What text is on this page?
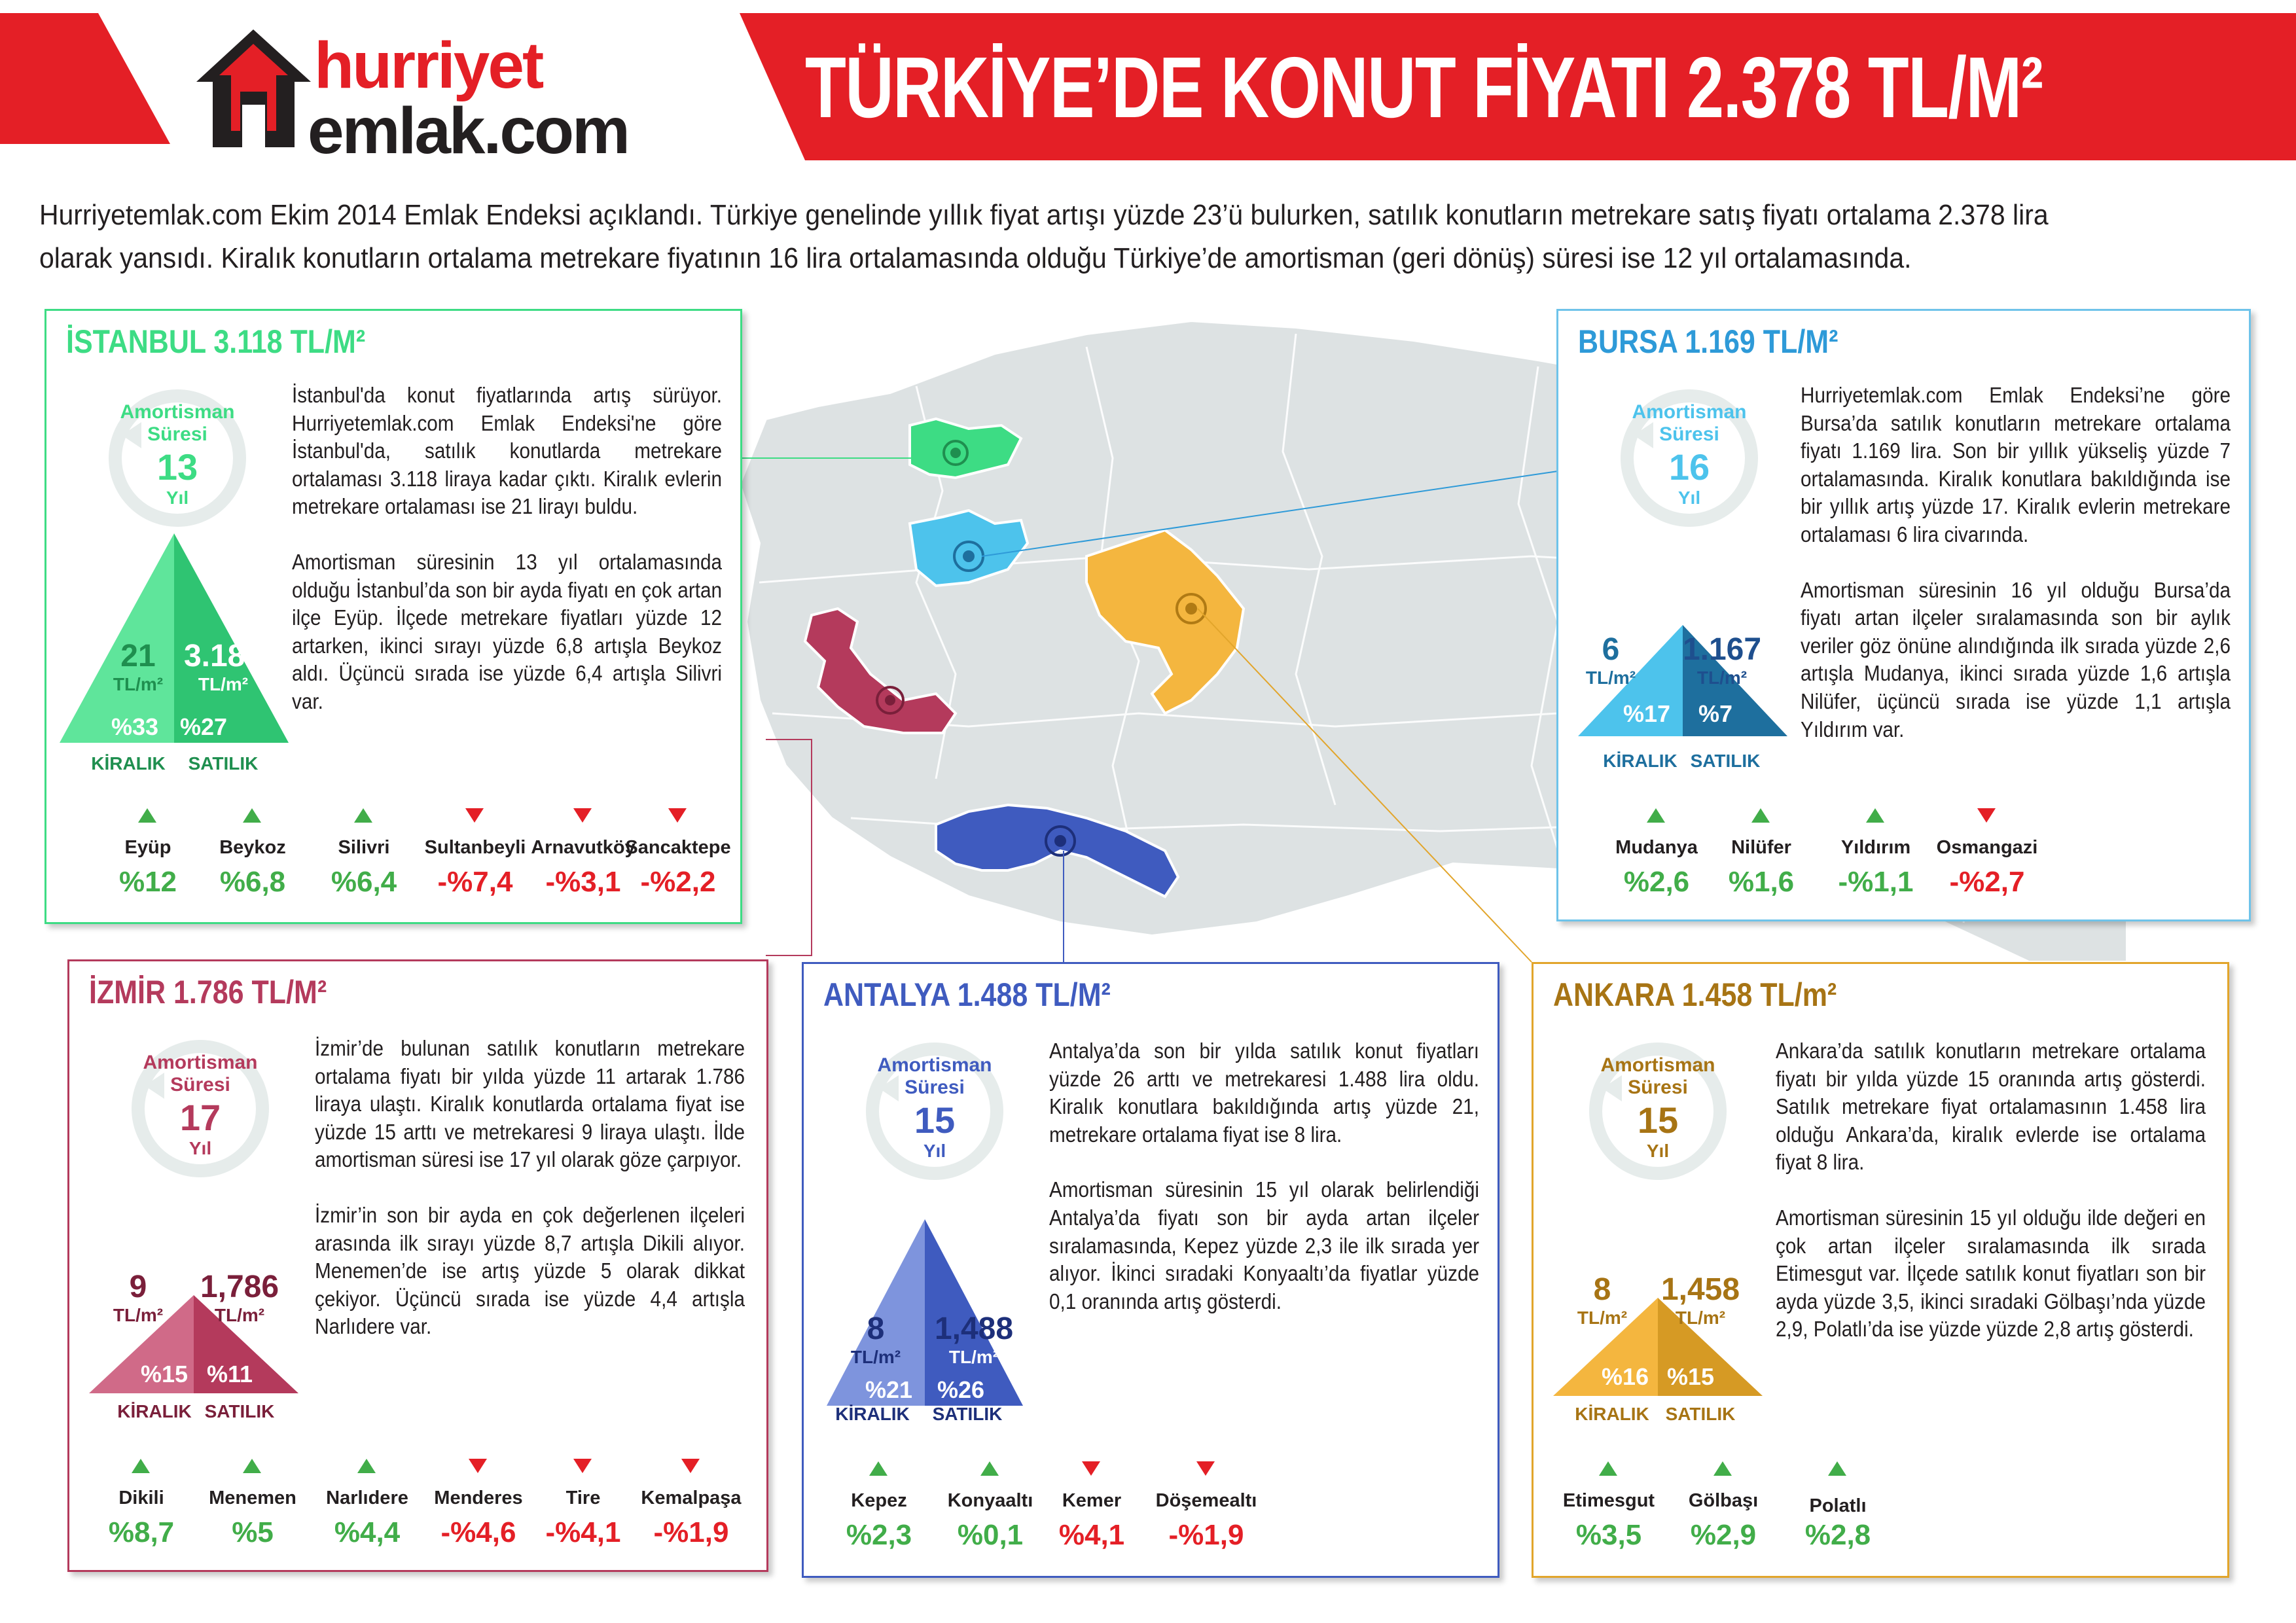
hurriyet
emlak.com TÜRKİYE’DE KONUT FİYATI 2.378 TL/M²
Hurriyetemlak.com Ekim 2014 Emlak Endeksi açıklandı. Türkiye genelinde yıllık fiyat artışı yüzde 23’ü bulurken, satılık konutların metrekare satış fiyatı ortalama 2.378 lira olarak yansıdı. Kiralık konutların ortalama metrekare fiyatının 16 lira ortalamasında olduğu Türkiye’de amortisman (geri dönüş) süresi ise 12 yıl ortalamasında.
İSTANBUL 3.118 TL/M²
Amortisman
Süresi
13
Yıl

İstanbul'da konut fiyatlarında artış sürüyor. Hurriyetemlak.com Emlak Endeksi'ne göre İstanbul'da, satılık konutlarda metrekare ortalaması 3.118 liraya kadar çıktı. Kiralık evlerin metrekare ortalaması ise 21 lirayı buldu.

Amortisman süresinin 13 yıl ortalamasında olduğu İstanbul’da son bir ayda fiyatı en çok artan ilçe Eyüp. İlçede metrekare fiyatları yüzde 12 artarken, ikinci sırayı yüzde 6,8 artışla Beykoz aldı. Üçüncü sırada ise yüzde 6,4 artışla Silivri var.

21
TL/m²
3.188
TL/m²
%33 %27
KİRALIK	SATILIK
Eyüp
%12
Beykoz
%6,8
Silivri
%6,4
Sultanbeyli
-%7,4
Arnavutköy
-%3,1
Sancaktepe
-%2,2
BURSA 1.169 TL/M²
Amortisman
Süresi
16
Yıl

Hurriyetemlak.com Emlak Endeksi’ne göre Bursa’da satılık konutların metrekare ortalama fiyatı 1.169 lira. Son bir yıllık yükseliş yüzde 7 ortalamasında. Kiralık konutlara bakıldığında ise bir yıllık artış yüzde 17. Kiralık evlerin metrekare ortalaması 6 lira civarında.

Amortisman süresinin 16 yıl olduğu Bursa’da fiyatı artan ilçeler sıralamasında son bir aylık veriler göz önüne alındığında ilk sırada yüzde 2,6 artışla Mudanya, ikinci sırada yüzde 1,6 artışla Nilüfer, üçüncü sırada ise yüzde 1,1 artışla Yıldırım var.

%17	%7
6
TL/m²
1.167
TL/m²
KİRALIK SATILIK
Mudanya
%2,6
Nilüfer
%1,6
Yıldırım
-%1,1
Osmangazi
-%2,7
İZMİR 1.786 TL/M²
Amortisman
Süresi
17
Yıl

İzmir’de bulunan satılık konutların metrekare ortalama fiyatı bir yılda yüzde 11 artarak 1.786 liraya ulaştı. Kiralık konutlarda ortalama fiyat ise yüzde 15 arttı ve metrekaresi 9 liraya ulaştı. İlde amortisman süresi ise 17 yıl olarak göze çarpıyor.

İzmir’in son bir ayda en çok değerlenen ilçeleri arasında ilk sırayı yüzde 8,7 artışla Dikili alıyor. Menemen’de ise artış yüzde 5 olarak dikkat çekiyor. Üçüncü sırada ise yüzde 4,4 artışla Narlıdere var.

%15 %11
9
TL/m²
1,786
TL/m²
KİRALIK SATILIK
Dikili
%8,7
Menemen
%5
Narlıdere
%4,4
Menderes
-%4,6
Tire
-%4,1
Kemalpaşa
-%1,9
ANTALYA 1.488 TL/M²
Amortisman
Süresi
15
Yıl

Antalya’da son bir yılda satılık konut fiyatları yüzde 26 arttı ve metrekaresi 1.488 lira oldu. Kiralık konutlara bakıldığında artış yüzde 21, metrekare ortalama fiyat ise 8 lira.

Amortisman süresinin 15 yıl olarak belirlendiği Antalya’da fiyatı son bir ayda artan ilçeler sıralamasında, Kepez yüzde 2,3 ile ilk sırada yer alıyor. İkinci sıradaki Konyaaltı’da fiyatlar yüzde 0,1 oranında artış gösterdi.

8
TL/m²
1,488
TL/m²
%21	%26
KİRALIK	SATILIK
Kepez
%2,3
Konyaaltı
%0,1
Kemer
%4,1
Döşemealtı
-%1,9
ANKARA 1.458 TL/m²
Amortisman
Süresi
15
Yıl

Ankara’da satılık konutların metrekare ortalama fiyatı bir yılda yüzde 15 oranında artış gösterdi. Satılık metrekare fiyat ortalamasının 1.458 lira olduğu Ankara’da, kiralık evlerde ise ortalama fiyat 8 lira.

Amortisman süresinin 15 yıl olduğu ilde değeri en çok artan ilçeler sıralamasında ilk sırada Etimesgut var. İlçede satılık konut fiyatları son bir ayda yüzde 3,5, ikinci sıradaki Gölbaşı’nda yüzde 2,9, Polatlı’da ise yüzde yüzde 2,8 artış gösterdi.

%16 %15
8
TL/m²
1,458
TL/m²
KİRALIK SATILIK
Etimesgut
%3,5
Gölbaşı
%2,9
Polatlı
%2,8
